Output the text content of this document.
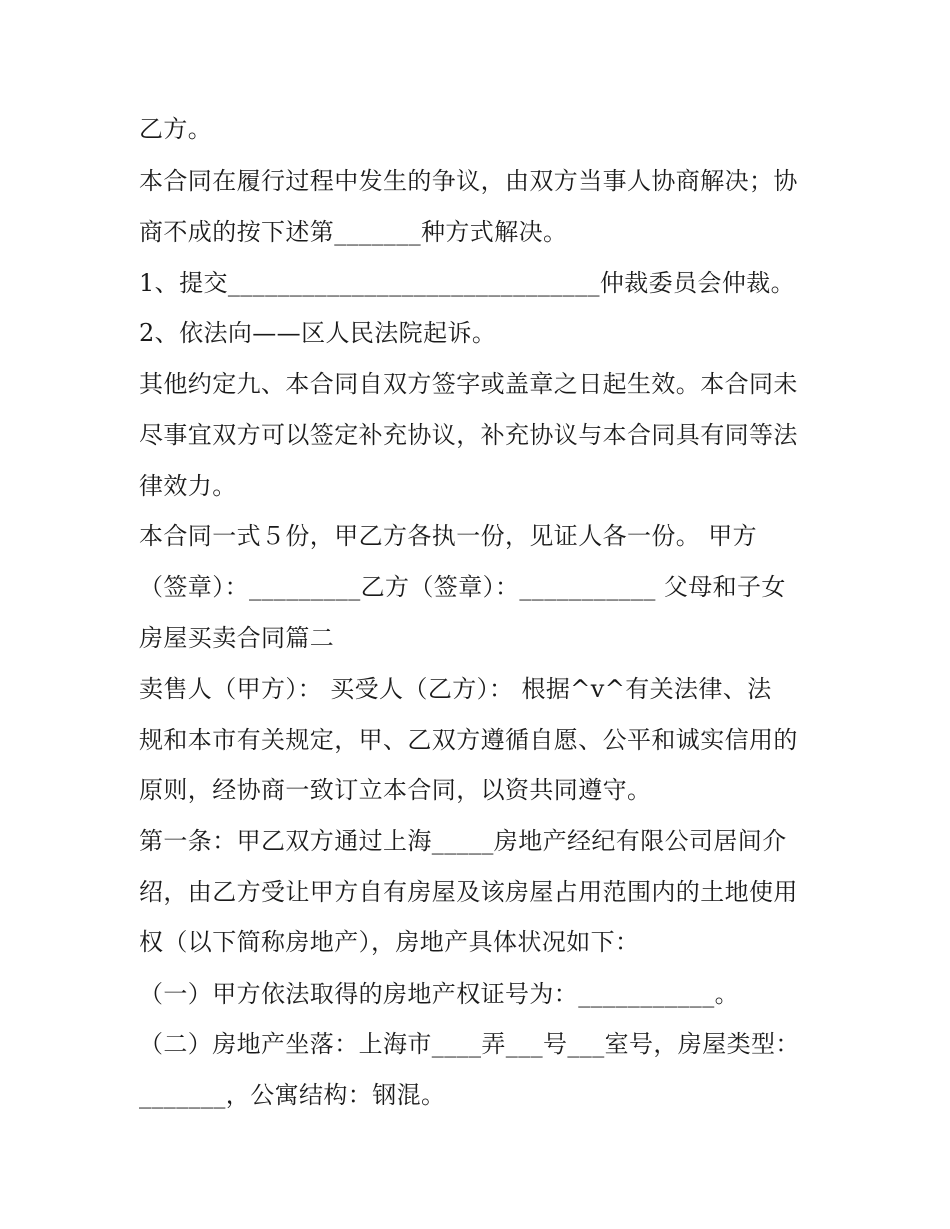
乙方。
本合同在履行过程中发生的争议，由双方当事人协商解决；协
商不成的按下述第_______种方式解决。
1、提交______________________________仲裁委员会仲裁。
2、依法向——区人民法院起诉。
其他约定九、本合同自双方签字或盖章之日起生效。本合同未
尽事宜双方可以签定补充协议，补充协议与本合同具有同等法
律效力。
本合同一式５份，甲乙方各执一份，见证人各一份。 甲方
（签章）：_________乙方（签章）：___________ 父母和子女
房屋买卖合同篇二
卖售人（甲方）： 买受人（乙方）： 根据^v^有关法律、法
规和本市有关规定，甲、乙双方遵循自愿、公平和诚实信用的
原则，经协商一致订立本合同，以资共同遵守。
第一条：甲乙双方通过上海_____房地产经纪有限公司居间介
绍，由乙方受让甲方自有房屋及该房屋占用范围内的土地使用
权（以下简称房地产），房地产具体状况如下：
（一）甲方依法取得的房地产权证号为：___________。
（二）房地产坐落：上海市____弄___号___室号，房屋类型：
_______，公寓结构：钢混。
